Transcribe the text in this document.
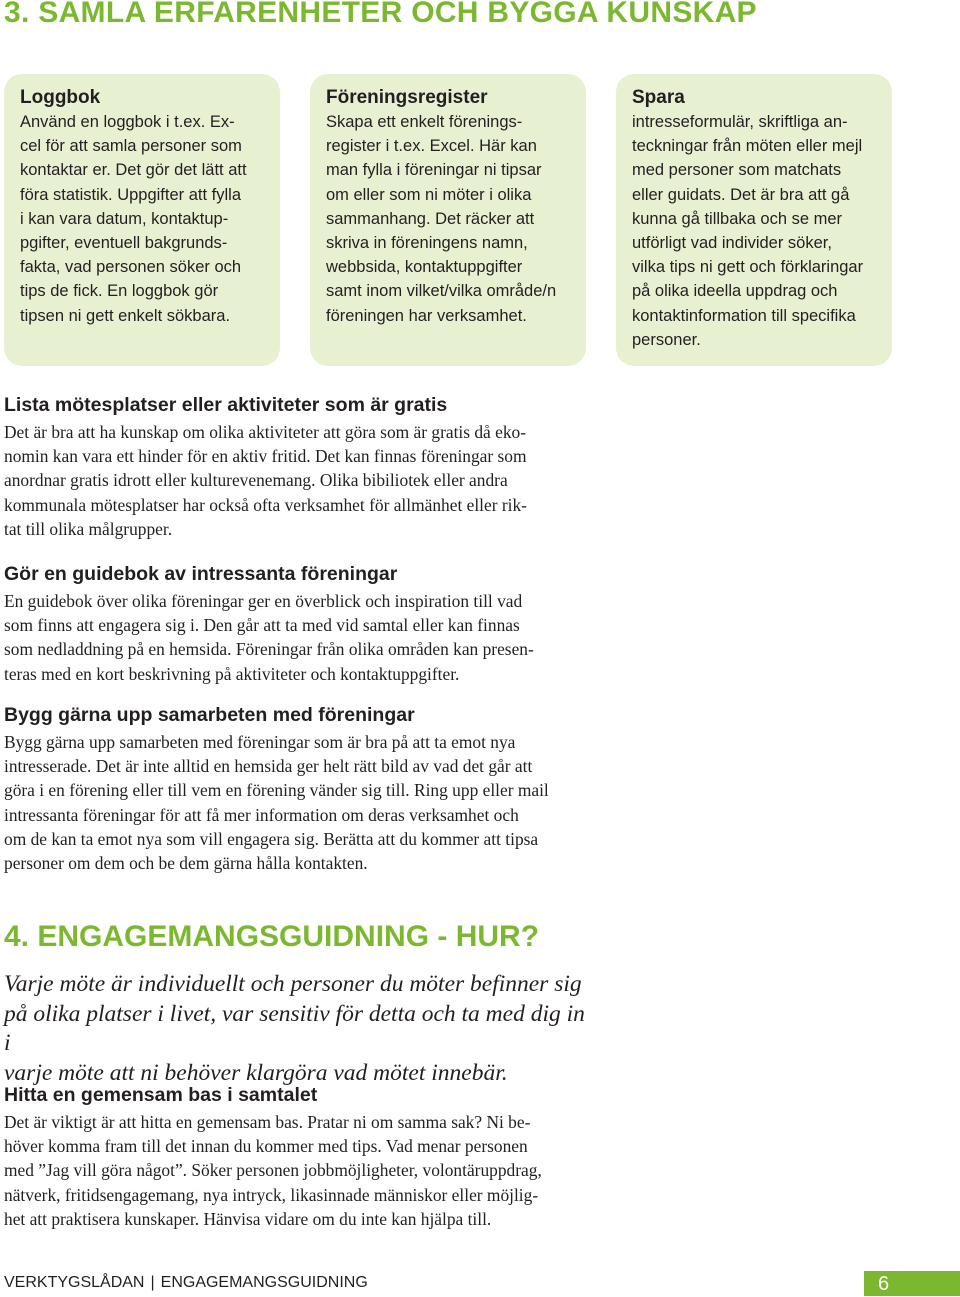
3. SAMLA ERFARENHETER OCH BYGGA KUNSKAP
Loggbok
Använd en loggbok i t.ex. Ex-
cel för att samla personer som
kontaktar er. Det gör det lätt att
föra statistik. Uppgifter att fylla
i kan vara datum, kontaktup-
pgifter, eventuell bakgrunds-
fakta, vad personen söker och
tips de fick. En loggbok gör
tipsen ni gett enkelt sökbara.
Föreningsregister
Skapa ett enkelt förenings-
register i t.ex. Excel. Här kan
man fylla i föreningar ni tipsar
om eller som ni möter i olika
sammanhang. Det räcker att
skriva in föreningens namn,
webbsida, kontaktuppgifter
samt inom vilket/vilka område/n
föreningen har verksamhet.
Spara
intresseformulär, skriftliga an-
teckningar från möten eller mejl
med personer som matchats
eller guidats. Det är bra att gå
kunna gå tillbaka och se mer
utförligt vad individer söker,
vilka tips ni gett och förklaringar
på olika ideella uppdrag och
kontaktinformation till specifika
personer.
Lista mötesplatser eller aktiviteter som är gratis

Det är bra att ha kunskap om olika aktiviteter att göra som är gratis då eko-
nomin kan vara ett hinder för en aktiv fritid. Det kan finnas föreningar som
anordnar gratis idrott eller kulturevenemang. Olika bibiliotek eller andra
kommunala mötesplatser har också ofta verksamhet för allmänhet eller rik-
tat till olika målgrupper.

Gör en guidebok av intressanta föreningar

En guidebok över olika föreningar ger en överblick och inspiration till vad
som finns att engagera sig i. Den går att ta med vid samtal eller kan finnas
som nedladdning på en hemsida. Föreningar från olika områden kan presen-
teras med en kort beskrivning på aktiviteter och kontaktuppgifter.

Bygg gärna upp samarbeten med föreningar

Bygg gärna upp samarbeten med föreningar som är bra på att ta emot nya
intresserade. Det är inte alltid en hemsida ger helt rätt bild av vad det går att
göra i en förening eller till vem en förening vänder sig till. Ring upp eller mail
intressanta föreningar för att få mer information om deras verksamhet och
om de kan ta emot nya som vill engagera sig. Berätta att du kommer att tipsa
personer om dem och be dem gärna hålla kontakten.

4. ENGAGEMANGSGUIDNING - HUR?

Varje möte är individuellt och personer du möter befinner sig
på olika platser i livet, var sensitiv för detta och ta med dig in i
varje möte att ni behöver klargöra vad mötet innebär.

Hitta en gemensam bas i samtalet

Det är viktigt är att hitta en gemensam bas. Pratar ni om samma sak? Ni be-
höver komma fram till det innan du kommer med tips. Vad menar personen
med ”Jag vill göra något”. Söker personen jobbmöjligheter, volontäruppdrag,
nätverk, fritidsengagemang, nya intryck, likasinnade människor eller möjlig-
het att praktisera kunskaper. Hänvisa vidare om du inte kan hjälpa till.

VERKTYGSLÅDAN | ENGAGEMANGSGUIDNING	6
